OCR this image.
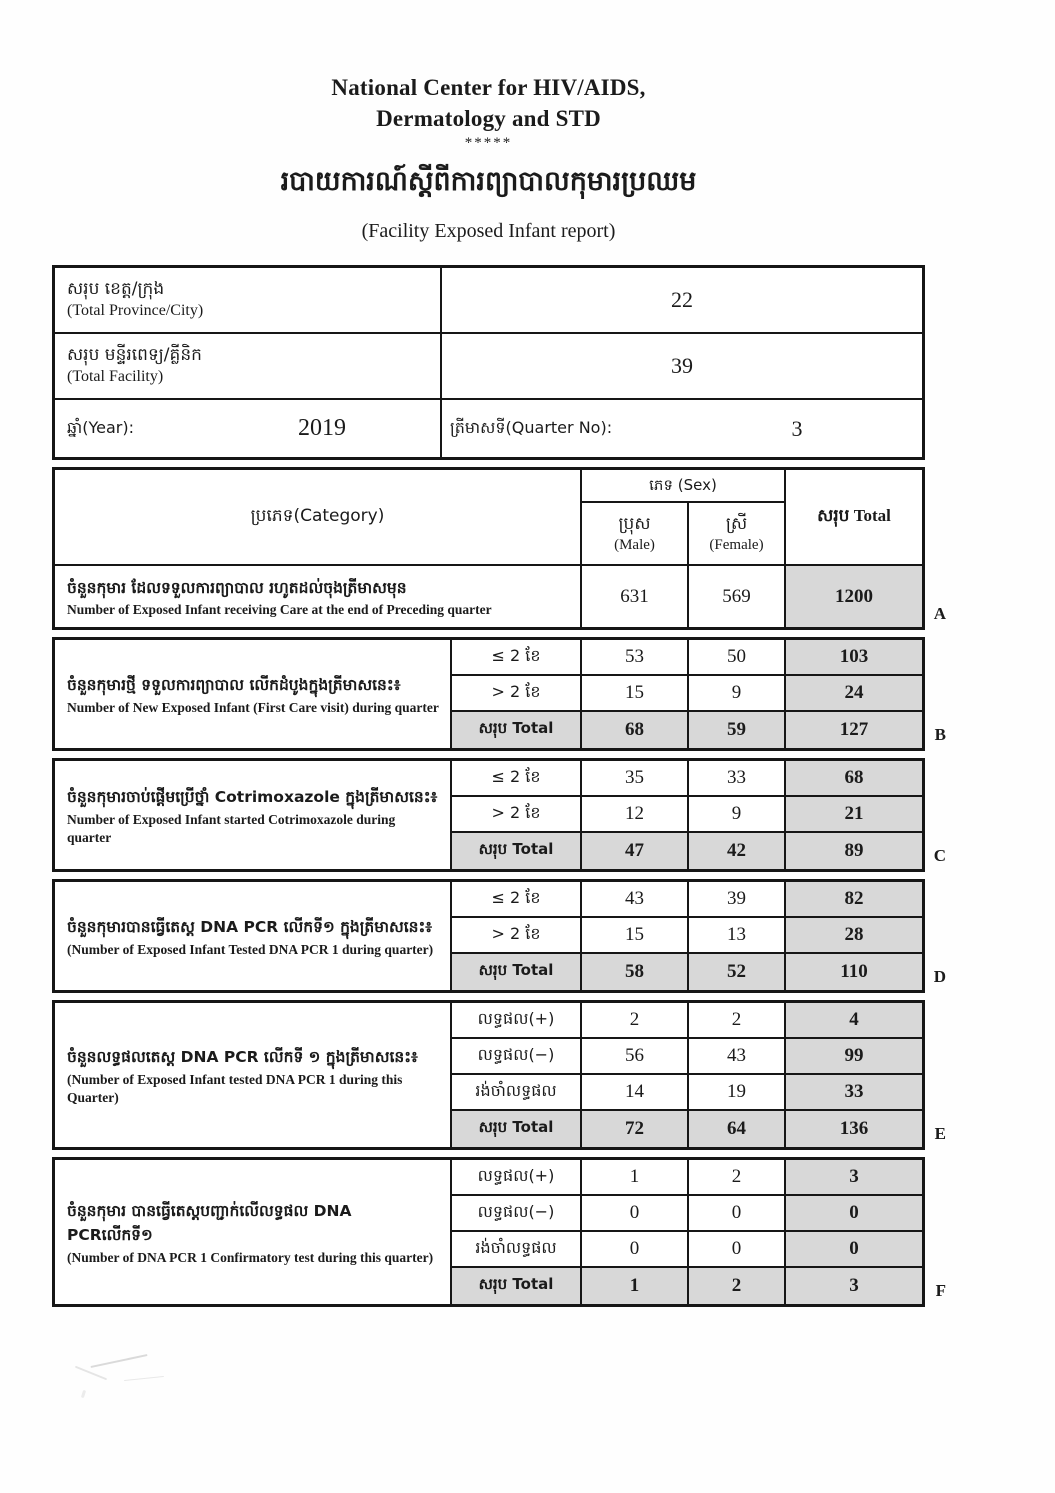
National Center for HIV/AIDS,
Dermatology and STD
*****
របាយការណ៍ស្តីពីការព្យាបាលកុមារប្រឈម
(Facility Exposed Infant report)
សរុប ខេត្ត/ក្រុង
(Total Province/City)	22
សរុប មន្ទីរពេទ្យ/គ្លីនិក
(Total Facility)	39
ឆ្នាំ(Year):	2019	ត្រីមាសទី(Quarter No):	3
ប្រភេទ(Category)
ភេទ (Sex)
ប្រុស
(Male)
ស្រី
(Female)
សរុប Total
ចំនួនកុមារ ដែលទទួលការព្យាបាល រហូតដល់ចុងត្រីមាសមុន
Number of Exposed Infant receiving Care at the end of Preceding quarter
631	569	1200
A
ចំនួនកុមារថ្មី ទទួលការព្យាបាល លើកដំបូងក្នុងត្រីមាសនេះ៖
Number of New Exposed Infant (First Care visit) during quarter
≤ 2 ខែ	53	50	103
> 2 ខែ	15	9	24
សរុប Total	68	59	127	B
ចំនួនកុមារចាប់ផ្តើមប្រើថ្នាំ Cotrimoxazole ក្នុងត្រីមាសនេះ៖
Number of Exposed Infant started Cotrimoxazole during quarter
≤ 2 ខែ	35	33	68
> 2 ខែ	12	9	21
សរុប Total	47	42	89	C
ចំនួនកុមារបានធ្វើតេស្ត DNA PCR លើកទី១ ក្នុងត្រីមាសនេះ៖
(Number of Exposed Infant Tested DNA PCR 1 during quarter)
≤ 2 ខែ	43	39	82
> 2 ខែ	15	13	28
សរុប Total	58	52	110	D
ចំនួនលទ្ធផលតេស្ត DNA PCR លើកទី ១ ក្នុងត្រីមាសនេះ៖
(Number of Exposed Infant tested DNA PCR 1 during this Quarter)
លទ្ធផល(+)	2	2	4
លទ្ធផល(−)	56	43	99
រង់ចាំលទ្ធផល	14	19	33
សរុប Total	72	64	136	E
ចំនួនកុមារ បានធ្វើតេស្តបញ្ជាក់លើលទ្ធផល DNA PCRលើកទី១
(Number of DNA PCR 1 Confirmatory test during this quarter)
លទ្ធផល(+)	1	2	3
លទ្ធផល(−)	0	0	0
រង់ចាំលទ្ធផល	0	0	0
សរុប Total	1	2	3	F
